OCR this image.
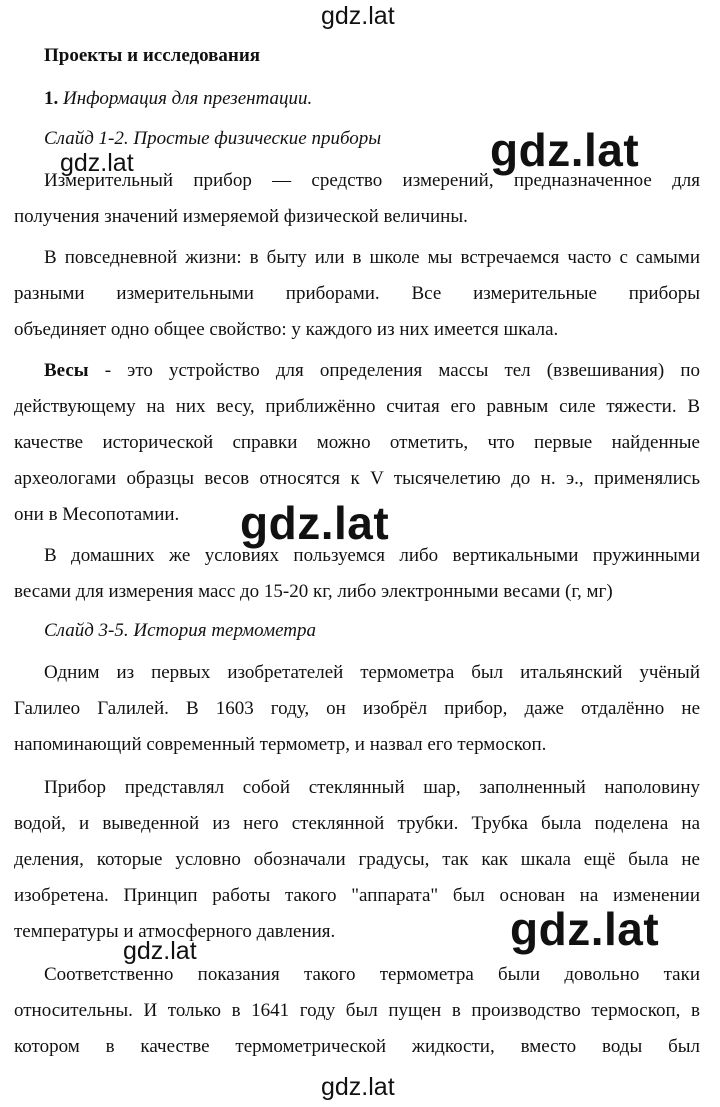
gdz.lat
gdz.lat
gdz.lat
gdz.lat
gdz.lat
gdz.lat
gdz.lat
Проекты и исследования
1. Информация для презентации.
Слайд 1-2. Простые физические приборы
Измерительный прибор — средство измерений, предназначенное для
получения значений измеряемой физической величины.
В повседневной жизни: в быту или в школе мы встречаемся часто с самыми
разными измерительными приборами. Все измерительные приборы
объединяет одно общее свойство: у каждого из них имеется шкала.
Весы - это устройство для определения массы тел (взвешивания) по
действующему на них весу, приближённо считая его равным силе тяжести. В
качестве исторической справки можно отметить, что первые найденные
археологами образцы весов относятся к V тысячелетию до н. э., применялись
они в Месопотамии.
В домашних же условиях пользуемся либо вертикальными пружинными
весами для измерения масс до 15-20 кг, либо электронными весами (г, мг)
Слайд 3-5. История термометра
Одним из первых изобретателей термометра был итальянский учёный
Галилео Галилей. В 1603 году, он изобрёл прибор, даже отдалённо не
напоминающий современный термометр, и назвал его термоскоп.
Прибор представлял собой стеклянный шар, заполненный наполовину
водой, и выведенной из него стеклянной трубки. Трубка была поделена на
деления, которые условно обозначали градусы, так как шкала ещё была не
изобретена. Принцип работы такого "аппарата" был основан на изменении
температуры и атмосферного давления.
Соответственно показания такого термометра были довольно таки
относительны. И только в 1641 году был пущен в производство термоскоп, в
котором в качестве термометрической жидкости, вместо воды был
